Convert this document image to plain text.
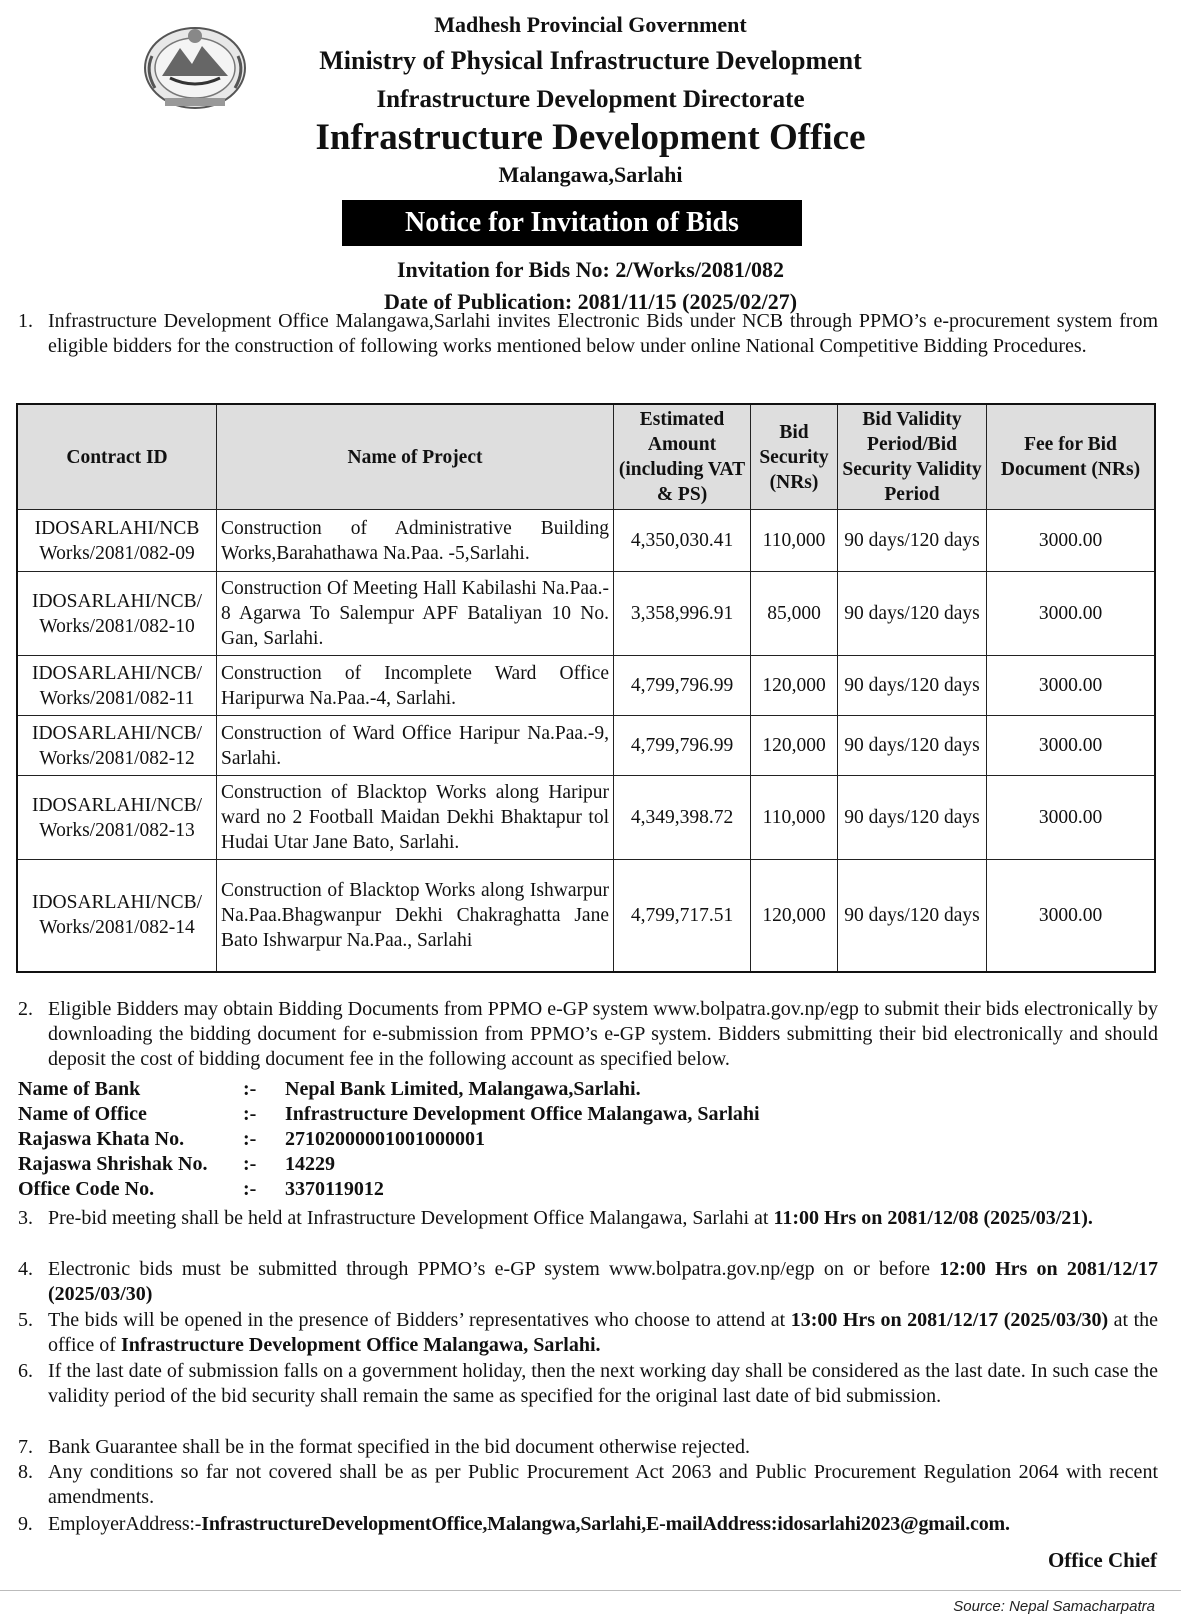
Madhesh Provincial Government
Ministry of Physical Infrastructure Development
Infrastructure Development Directorate
Infrastructure Development Office
Malangawa,Sarlahi
Notice for Invitation of Bids
Invitation for Bids No: 2/Works/2081/082
Date of Publication: 2081/11/15 (2025/02/27)
1. Infrastructure Development Office Malangawa,Sarlahi invites Electronic Bids under NCB through PPMO’s e-procurement system from eligible bidders for the construction of following works mentioned below under online National Competitive Bidding Procedures.
Contract ID	Name of Project	Estimated Amount (including VAT & PS)	Bid Security (NRs)	Bid Validity Period/Bid Security Validity Period	Fee for Bid Document (NRs)
IDOSARLAHI/NCB Works/2081/082-09	Construction of Administrative Building Works,Barahathawa Na.Paa. -5,Sarlahi.	4,350,030.41	110,000	90 days/120 days	3000.00
IDOSARLAHI/NCB/ Works/2081/082-10	Construction Of Meeting Hall Kabilashi Na.Paa.- 8 Agarwa To Salempur APF Bataliyan 10 No. Gan, Sarlahi.	3,358,996.91	85,000	90 days/120 days	3000.00
IDOSARLAHI/NCB/ Works/2081/082-11	Construction of Incomplete Ward Office Haripurwa Na.Paa.-4, Sarlahi.	4,799,796.99	120,000	90 days/120 days	3000.00
IDOSARLAHI/NCB/ Works/2081/082-12	Construction of Ward Office Haripur Na.Paa.-9, Sarlahi.	4,799,796.99	120,000	90 days/120 days	3000.00
IDOSARLAHI/NCB/ Works/2081/082-13	Construction of Blacktop Works along Haripur ward no 2 Football Maidan Dekhi Bhaktapur tol Hudai Utar Jane Bato, Sarlahi.	4,349,398.72	110,000	90 days/120 days	3000.00
IDOSARLAHI/NCB/ Works/2081/082-14	Construction of Blacktop Works along Ishwarpur Na.Paa.Bhagwanpur Dekhi Chakraghatta Jane Bato Ishwarpur Na.Paa., Sarlahi	4,799,717.51	120,000	90 days/120 days	3000.00
2. Eligible Bidders may obtain Bidding Documents from PPMO e-GP system www.bolpatra.gov.np/egp to submit their bids electronically by downloading the bidding document for e-submission from PPMO’s e-GP system. Bidders submitting their bid electronically and should deposit the cost of bidding document fee in the following account as specified below.
Name of Bank	:- Nepal Bank Limited, Malangawa,Sarlahi.
Name of Office	:- Infrastructure Development Office Malangawa, Sarlahi
Rajaswa Khata No.	:- 27102000001001000001
Rajaswa Shrishak No. :- 14229
Office Code No.	:- 3370119012
3. Pre-bid meeting shall be held at Infrastructure Development Office Malangawa, Sarlahi at 11:00 Hrs on 2081/12/08 (2025/03/21).
4. Electronic bids must be submitted through PPMO’s e-GP system www.bolpatra.gov.np/egp on or before 12:00 Hrs on 2081/12/17 (2025/03/30)
5. The bids will be opened in the presence of Bidders’ representatives who choose to attend at 13:00 Hrs on 2081/12/17 (2025/03/30) at the office of Infrastructure Development Office Malangawa, Sarlahi.
6. If the last date of submission falls on a government holiday, then the next working day shall be considered as the last date. In such case the validity period of the bid security shall remain the same as specified for the original last date of bid submission.
7. Bank Guarantee shall be in the format specified in the bid document otherwise rejected.
8. Any conditions so far not covered shall be as per Public Procurement Act 2063 and Public Procurement Regulation 2064 with recent amendments.
9. EmployerAddress:-InfrastructureDevelopmentOffice,Malangwa,Sarlahi,E-mailAddress:idosarlahi2023@gmail.com.
Office Chief
Source: Nepal Samacharpatra
